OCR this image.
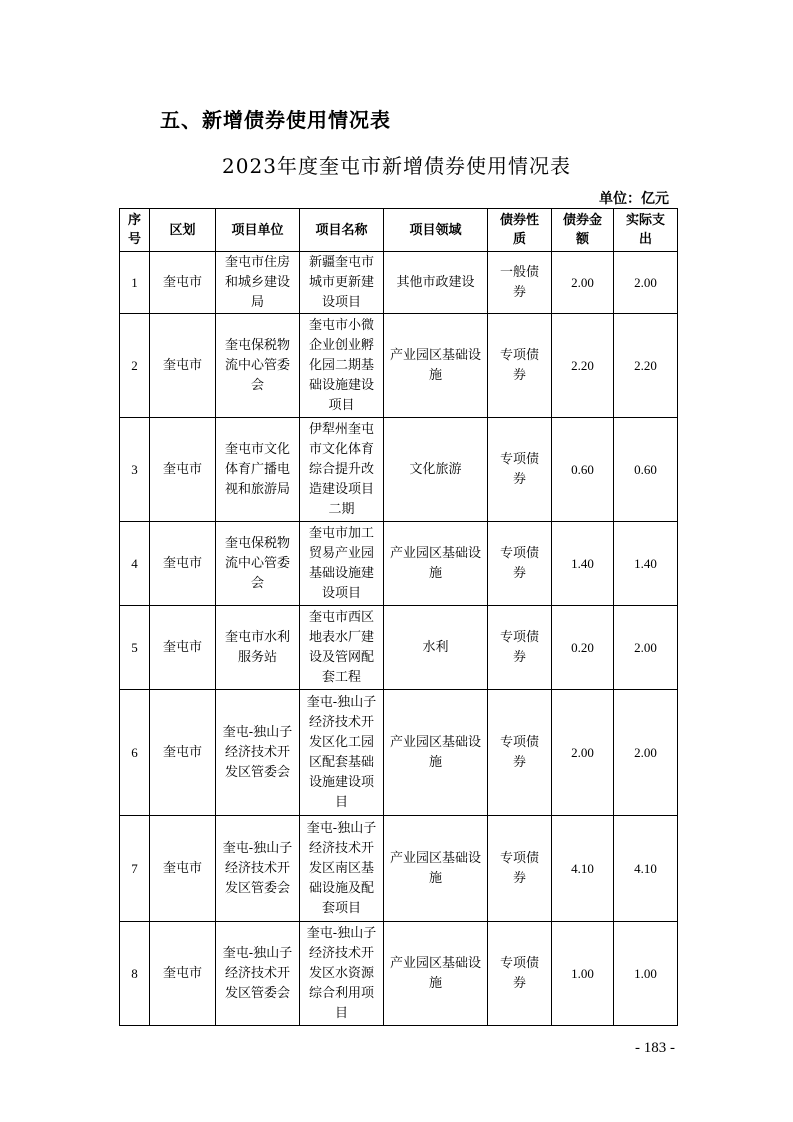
五、新增债券使用情况表
2023年度奎屯市新增债券使用情况表
单位：亿元
序号	区划	项目单位	项目名称	项目领域	债券性质	债券金额	实际支出
1	奎屯市	奎屯市住房和城乡建设局	新疆奎屯市城市更新建设项目	其他市政建设	一般债券	2.00	2.00
2	奎屯市	奎屯保税物流中心管委会	奎屯市小微企业创业孵化园二期基础设施建设项目	产业园区基础设施	专项债券	2.20	2.20
3	奎屯市	奎屯市文化体育广播电视和旅游局	伊犁州奎屯市文化体育综合提升改造建设项目二期	文化旅游	专项债券	0.60	0.60
4	奎屯市	奎屯保税物流中心管委会	奎屯市加工贸易产业园基础设施建设项目	产业园区基础设施	专项债券	1.40	1.40
5	奎屯市	奎屯市水利服务站	奎屯市西区地表水厂建设及管网配套工程	水利	专项债券	0.20	2.00
6	奎屯市	奎屯-独山子经济技术开发区管委会	奎屯-独山子经济技术开发区化工园区配套基础设施建设项目	产业园区基础设施	专项债券	2.00	2.00
7	奎屯市	奎屯-独山子经济技术开发区管委会	奎屯-独山子经济技术开发区南区基础设施及配套项目	产业园区基础设施	专项债券	4.10	4.10
8	奎屯市	奎屯-独山子经济技术开发区管委会	奎屯-独山子经济技术开发区水资源综合利用项目	产业园区基础设施	专项债券	1.00	1.00
- 183 -
